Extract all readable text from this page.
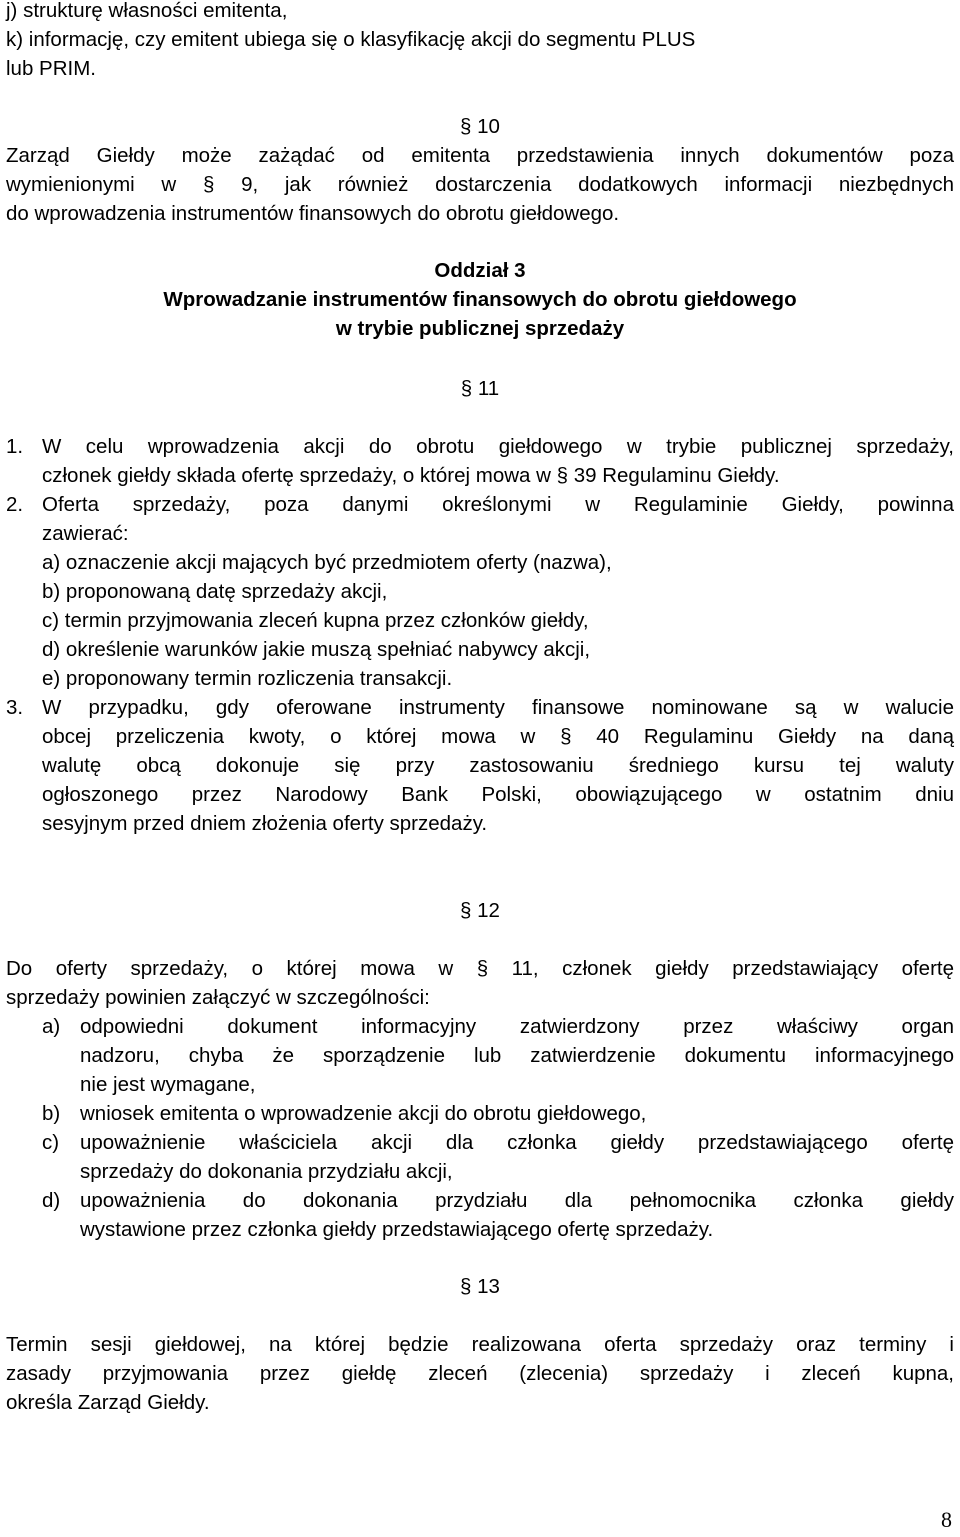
j) strukturę własności emitenta,
k) informację, czy emitent ubiega się o klasyfikację akcji do segmentu PLUS
lub PRIM.
§ 10
Zarząd Giełdy może zażądać od emitenta przedstawienia innych dokumentów poza
wymienionymi w § 9, jak również dostarczenia dodatkowych informacji niezbędnych
do wprowadzenia instrumentów finansowych do obrotu giełdowego.
Oddział 3
Wprowadzanie instrumentów finansowych do obrotu giełdowego
w trybie publicznej sprzedaży
§ 11
1. W celu wprowadzenia akcji do obrotu giełdowego w trybie publicznej sprzedaży,
członek giełdy składa ofertę sprzedaży, o której mowa w § 39 Regulaminu Giełdy.
2. Oferta sprzedaży, poza danymi określonymi w Regulaminie Giełdy, powinna
zawierać:
a) oznaczenie akcji mających być przedmiotem oferty (nazwa),
b) proponowaną datę sprzedaży akcji,
c) termin przyjmowania zleceń kupna przez członków giełdy,
d) określenie warunków jakie muszą spełniać nabywcy akcji,
e) proponowany termin rozliczenia transakcji.
3. W przypadku, gdy oferowane instrumenty finansowe nominowane są w walucie
obcej przeliczenia kwoty, o której mowa w § 40 Regulaminu Giełdy na daną
walutę obcą dokonuje się przy zastosowaniu średniego kursu tej waluty
ogłoszonego przez Narodowy Bank Polski, obowiązującego w ostatnim dniu
sesyjnym przed dniem złożenia oferty sprzedaży.
§ 12
Do oferty sprzedaży, o której mowa w § 11, członek giełdy przedstawiający ofertę
sprzedaży powinien załączyć w szczególności:
a) odpowiedni dokument informacyjny zatwierdzony przez właściwy organ
nadzoru, chyba że sporządzenie lub zatwierdzenie dokumentu informacyjnego
nie jest wymagane,
b) wniosek emitenta o wprowadzenie akcji do obrotu giełdowego,
c) upoważnienie właściciela akcji dla członka giełdy przedstawiającego ofertę
sprzedaży do dokonania przydziału akcji,
d) upoważnienia do dokonania przydziału dla pełnomocnika członka giełdy
wystawione przez członka giełdy przedstawiającego ofertę sprzedaży.
§ 13
Termin sesji giełdowej, na której będzie realizowana oferta sprzedaży oraz terminy i
zasady przyjmowania przez giełdę zleceń (zlecenia) sprzedaży i zleceń kupna,
określa Zarząd Giełdy.
8
